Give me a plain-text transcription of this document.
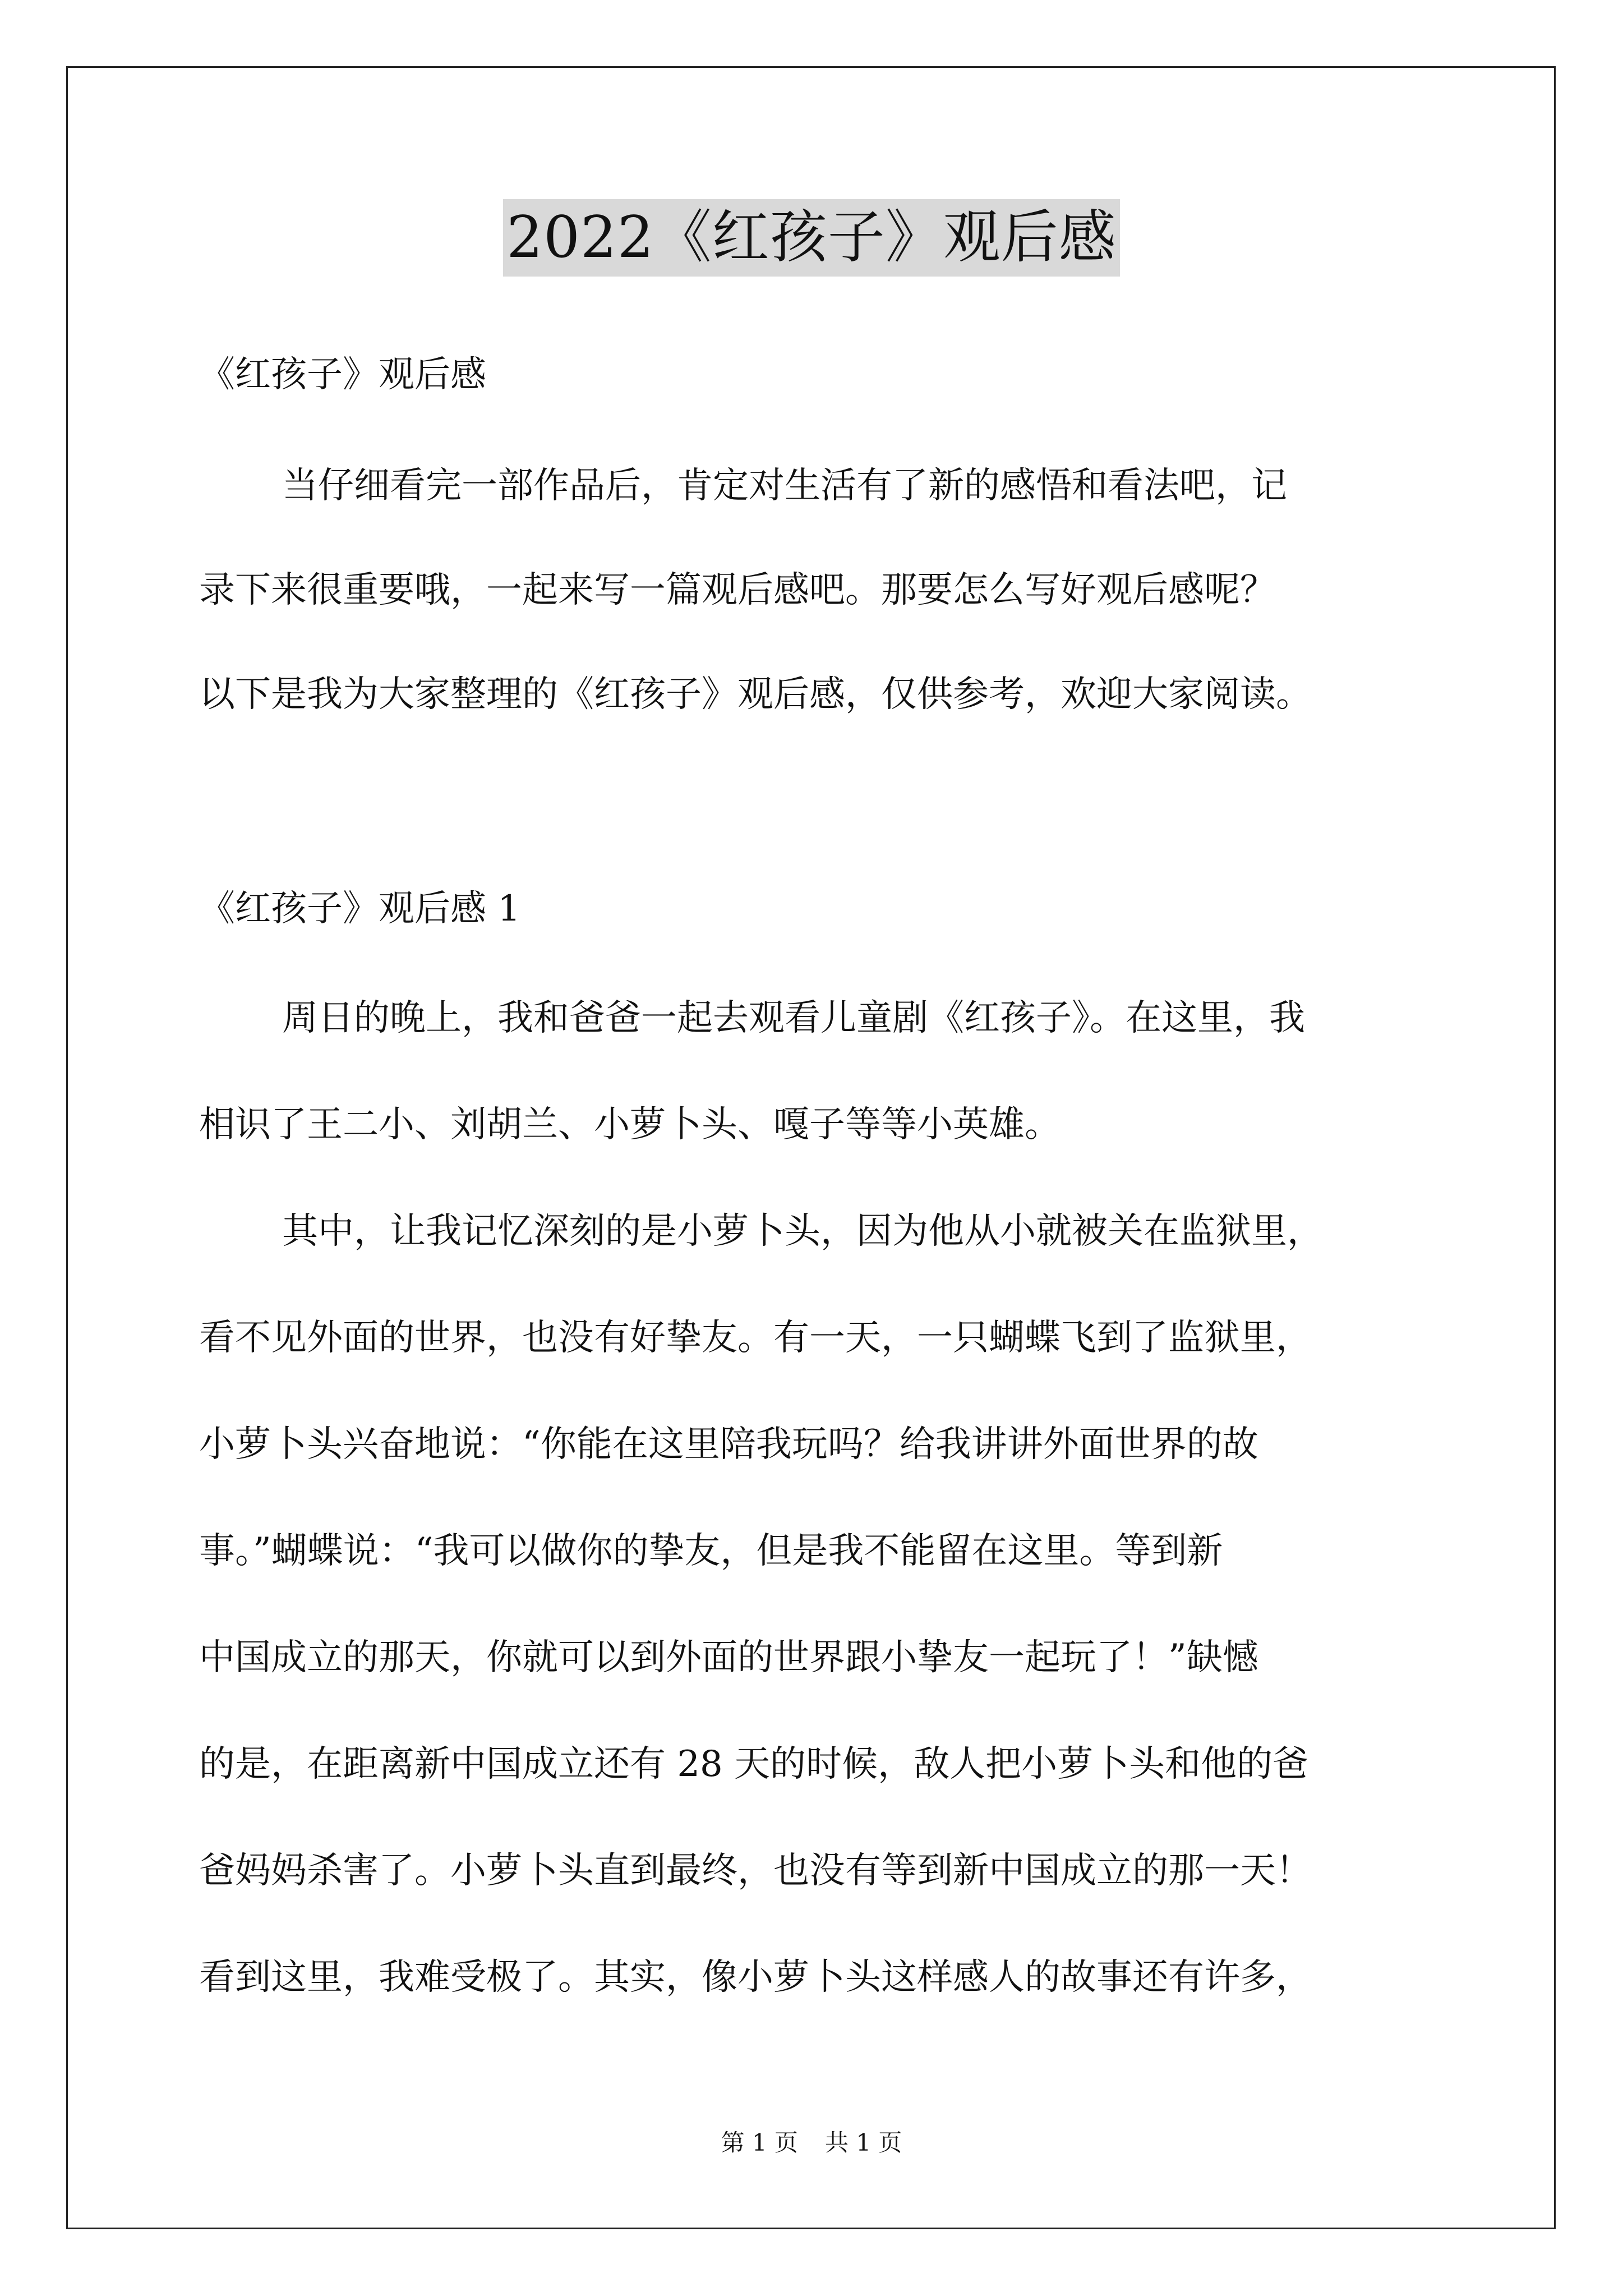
2022《红孩子》观后感
《红孩子》观后感
当仔细看完一部作品后，肯定对生活有了新的感悟和看法吧，记
录下来很重要哦，一起来写一篇观后感吧。那要怎么写好观后感呢？
以下是我为大家整理的《红孩子》观后感，仅供参考，欢迎大家阅读。
《红孩子》观后感 1
周日的晚上，我和爸爸一起去观看儿童剧《红孩子》。在这里，我
相识了王二小、刘胡兰、小萝卜头、嘎子等等小英雄。
其中，让我记忆深刻的是小萝卜头，因为他从小就被关在监狱里，
看不见外面的世界，也没有好挚友。有一天，一只蝴蝶飞到了监狱里，
小萝卜头兴奋地说：“你能在这里陪我玩吗？给我讲讲外面世界的故
事。”蝴蝶说：“我可以做你的挚友，但是我不能留在这里。等到新
中国成立的那天，你就可以到外面的世界跟小挚友一起玩了！”缺憾
的是，在距离新中国成立还有 28 天的时候，敌人把小萝卜头和他的爸
爸妈妈杀害了。小萝卜头直到最终，也没有等到新中国成立的那一天！
看到这里，我难受极了。其实，像小萝卜头这样感人的故事还有许多，
第 1 页 共 1 页
